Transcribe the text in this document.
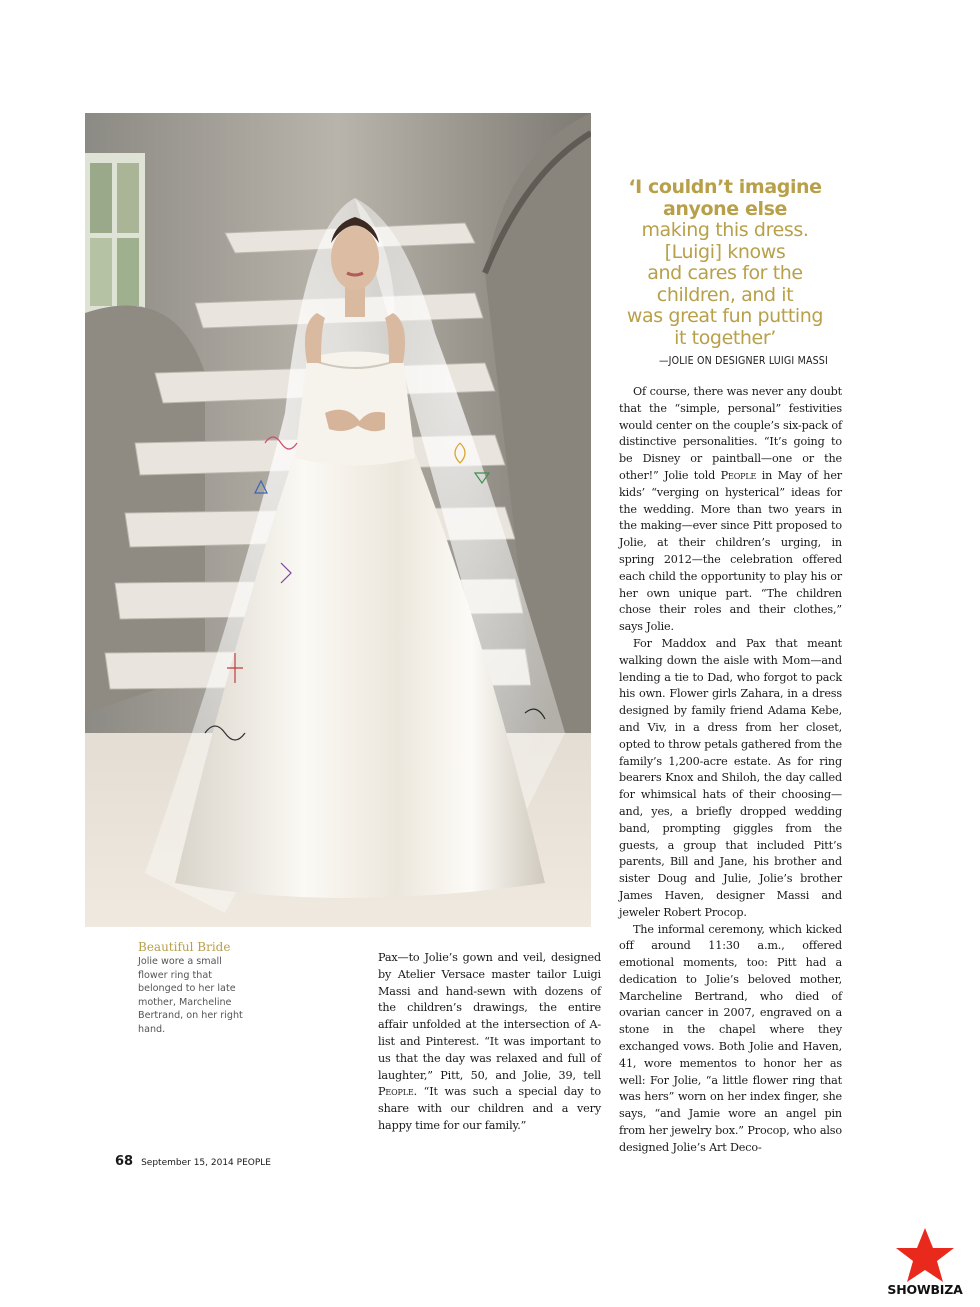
‘I couldn’t imagine
anyone else
making this dress.
[Luigi] knows
and cares for the
children, and it
was great fun putting
it together’
—JOLIE ON DESIGNER LUIGI MASSI

Of course, there was never any doubt that the “simple, personal” festivities would center on the couple’s six-pack of distinctive personalities. “It’s going to be Disney or paintball—one or the other!” Jolie told People in May of her kids’ “verging on hysterical” ideas for the wedding. More than two years in the making—ever since Pitt proposed to Jolie, at their children’s urging, in spring 2012—the celebration offered each child the opportunity to play his or her own unique part. “The children chose their roles and their clothes,” says Jolie.

For Maddox and Pax that meant walking down the aisle with Mom—and lending a tie to Dad, who forgot to pack his own. Flower girls Zahara, in a dress designed by family friend Adama Kebe, and Viv, in a dress from her closet, opted to throw petals gathered from the family’s 1,200-acre estate. As for ring bearers Knox and Shiloh, the day called for whimsical hats of their choosing—and, yes, a briefly dropped wedding band, prompting giggles from the guests, a group that included Pitt’s parents, Bill and Jane, his brother and sister Doug and Julie, Jolie’s brother James Haven, designer Massi and jeweler Robert Procop.

The informal ceremony, which kicked off around 11:30 a.m., offered emotional moments, too: Pitt had a dedication to Jolie’s beloved mother, Marcheline Bertrand, who died of ovarian cancer in 2007, engraved on a stone in the chapel where they exchanged vows. Both Jolie and Haven, 41, wore mementos to honor her as well: For Jolie, “a little flower ring that was hers” worn on her index finger, she says, “and Jamie wore an angel pin from her jewelry box.” Procop, who also designed Jolie’s Art Deco-

Beautiful Bride
Jolie wore a small flower ring that belonged to her late mother, Marcheline Bertrand, on her right hand.

Pax—to Jolie’s gown and veil, designed by Atelier Versace master tailor Luigi Massi and hand-sewn with dozens of the children’s drawings, the entire affair unfolded at the intersection of A-list and Pinterest. “It was important to us that the day was relaxed and full of laughter,” Pitt, 50, and Jolie, 39, tell People. “It was such a special day to share with our children and a very happy time for our family.”

68 September 15, 2014 PEOPLE
SHOWBIZA
